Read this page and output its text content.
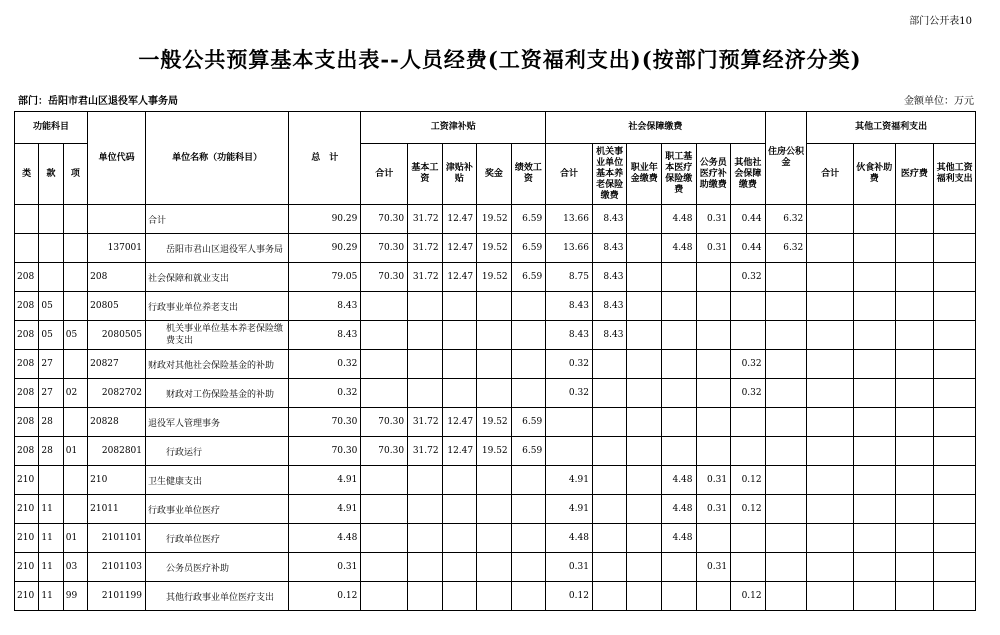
部门公开表10
一般公共预算基本支出表--人员经费(工资福利支出)(按部门预算经济分类)
部门：岳阳市君山区退役军人事务局	金额单位：万元
功能科目			单位代码	单位名称（功能科目）	总　计	工资津补贴					社会保障缴费						住房公积金	其他工资福利支出			
类	款	项				合计	基本工资	津贴补贴	奖金	绩效工资	合计	机关事业单位基本养老保险缴费	职业年金缴费	职工基本医疗保险缴费	公务员医疗补助缴费	其他社会保障缴费		合计	伙食补助费	医疗费	其他工资福利支出
				合计	90.29	70.30	31.72	12.47	19.52	6.59	13.66	8.43		4.48	0.31	0.44	6.32				
			137001	岳阳市君山区退役军人事务局	90.29	70.30	31.72	12.47	19.52	6.59	13.66	8.43		4.48	0.31	0.44	6.32				
208			208	社会保障和就业支出	79.05	70.30	31.72	12.47	19.52	6.59	8.75	8.43				0.32					
208	05		20805	行政事业单位养老支出	8.43						8.43	8.43									
208	05	05	2080505	机关事业单位基本养老保险缴费支出	8.43						8.43	8.43									
208	27		20827	财政对其他社会保险基金的补助	0.32						0.32					0.32					
208	27	02	2082702	财政对工伤保险基金的补助	0.32						0.32					0.32					
208	28		20828	退役军人管理事务	70.30	70.30	31.72	12.47	19.52	6.59											
208	28	01	2082801	行政运行	70.30	70.30	31.72	12.47	19.52	6.59											
210			210	卫生健康支出	4.91						4.91			4.48	0.31	0.12					
210	11		21011	行政事业单位医疗	4.91						4.91			4.48	0.31	0.12					
210	11	01	2101101	行政单位医疗	4.48						4.48			4.48							
210	11	03	2101103	公务员医疗补助	0.31						0.31				0.31						
210	11	99	2101199	其他行政事业单位医疗支出	0.12						0.12					0.12					
